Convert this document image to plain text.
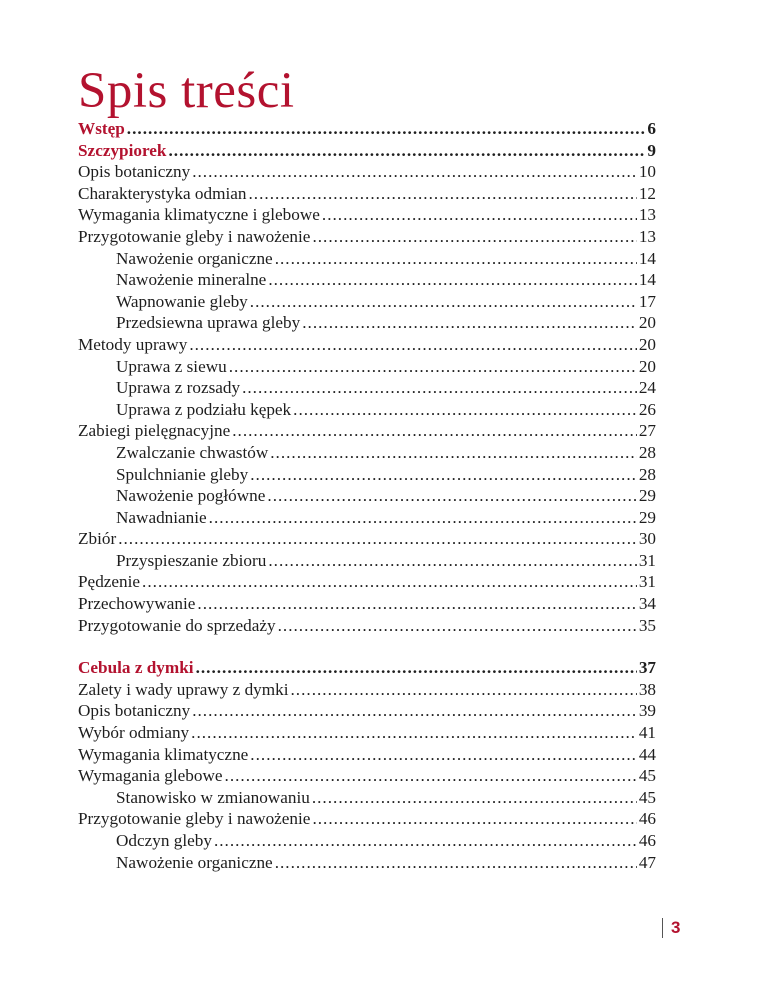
Spis treści
Wstęp .....	6
Szczypiorek .....	9
Opis botaniczny .....	10
Charakterystyka odmian .....	12
Wymagania klimatyczne i glebowe .....	13
Przygotowanie gleby i nawożenie .....	13
Nawożenie organiczne .....	14
Nawożenie mineralne .....	14
Wapnowanie gleby .....	17
Przedsiewna uprawa gleby .....	20
Metody uprawy .....	20
Uprawa z siewu .....	20
Uprawa z rozsady .....	24
Uprawa z podziału kępek .....	26
Zabiegi pielęgnacyjne .....	27
Zwalczanie chwastów .....	28
Spulchnianie gleby .....	28
Nawożenie pogłówne .....	29
Nawadnianie .....	29
Zbiór .....	30
Przyspieszanie zbioru .....	31
Pędzenie .....	31
Przechowywanie .....	34
Przygotowanie do sprzedaży .....	35
Cebula z dymki .....	37
Zalety i wady uprawy z dymki .....	38
Opis botaniczny .....	39
Wybór odmiany .....	41
Wymagania klimatyczne .....	44
Wymagania glebowe .....	45
Stanowisko w zmianowaniu .....	45
Przygotowanie gleby i nawożenie .....	46
Odczyn gleby .....	46
Nawożenie organiczne .....	47
3
